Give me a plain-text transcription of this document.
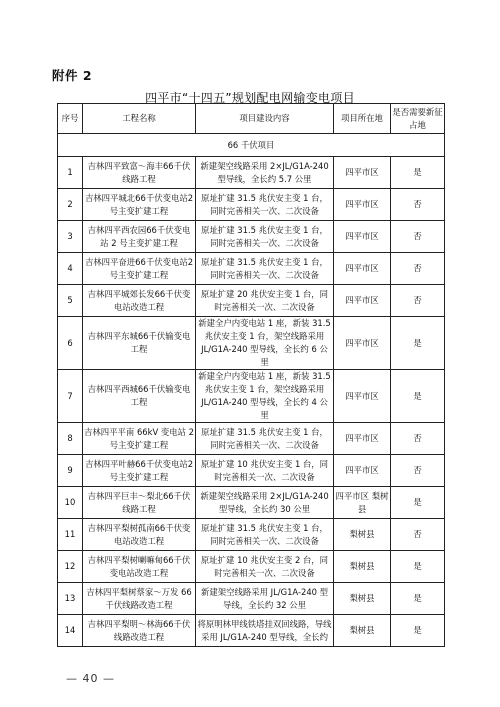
附件 2
四平市“十四五”规划配电网输变电项目
序号	工程名称	项目建设内容	项目所在地	是否需要新征占地
66 千伏项目				
1	吉林四平致富～海丰66千伏线路工程	新建架空线路采用 2×JL/G1A-240型导线，全长约 5.7 公里	四平市区	是
2	吉林四平城北66千伏变电站2号主变扩建工程	原址扩建 31.5 兆伏安主变 1 台，同时完善相关一次、二次设备	四平市区	否
3	吉林四平西农园66千伏变电站 2 号主变扩建工程	原址扩建 31.5 兆伏安主变 1 台，同时完善相关一次、二次设备	四平市区	否
4	吉林四平奋进66千伏变电站2号主变扩建工程	原址扩建 31.5 兆伏安主变 1 台，同时完善相关一次、二次设备	四平市区	否
5	吉林四平城郊长发66千伏变电站改造工程	原址扩建 20 兆伏安主变 1 台，同时完善相关一次、二次设备	四平市区	否
6	吉林四平东城66千伏输变电工程	新建全户内变电站 1 座，新装 31.5兆伏安主变 1 台，架空线路采用JL/G1A-240 型导线，全长约 6 公里	四平市区	是
7	吉林四平西城66千伏输变电工程	新建全户内变电站 1 座，新装 31.5兆伏安主变 1 台，架空线路采用JL/G1A-240 型导线，全长约 4 公里	四平市区	是
8	吉林四平平南 66kV 变电站 2号主变扩建工程	原址扩建 31.5 兆伏安主变 1 台，同时完善相关一次、二次设备	四平市区	否
9	吉林四平叶赫66千伏变电站2号主变扩建工程	原址扩建 10 兆伏安主变 1 台，同时完善相关一次、二次设备	四平市区	否
10	吉林四平巨丰～梨北66千伏线路工程	新建架空线路采用 2×JL/G1A-240型导线，全长约 30 公里	四平市区 梨树县	是
11	吉林四平梨树孤南66千伏变电站改造工程	原址扩建 31.5 兆伏安主变 1 台，同时完善相关一次、二次设备	梨树县	否
12	吉林四平梨树喇嘛甸66千伏变电站改造工程	原址扩建 10 兆伏安主变 2 台，同时完善相关一次、二次设备	梨树县	是
13	吉林四平梨树蔡家～万发 66千伏线路改造工程	新建架空线路采用 JL/G1A-240 型导线，全长约 32 公里	梨树县	是
14	吉林四平梨明～林海66千伏线路改造工程	将原明林甲线铁塔挂双回线路，导线采用 JL/G1A-240 型导线，全长约	梨树县	是
— 40 —
